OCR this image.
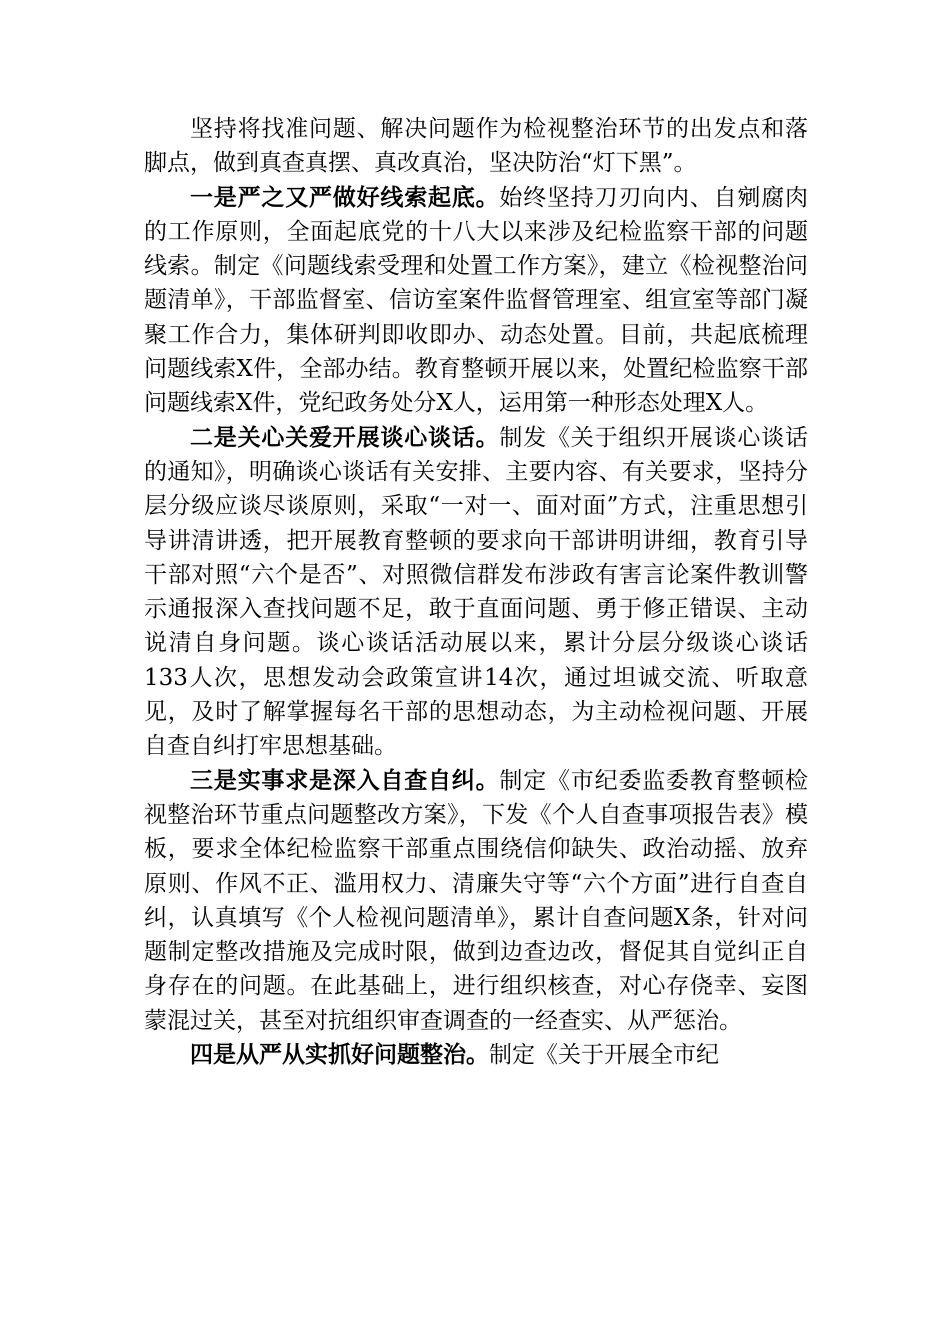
坚持将找准问题、解决问题作为检视整治环节的出发点和落脚点，做到真查真摆、真改真治，坚决防治“灯下黑”。

一是严之又严做好线索起底。始终坚持刀刃向内、自剜腐肉的工作原则，全面起底党的十八大以来涉及纪检监察干部的问题线索。制定《问题线索受理和处置工作方案》，建立《检视整治问题清单》，干部监督室、信访室案件监督管理室、组宣室等部门凝聚工作合力，集体研判即收即办、动态处置。目前，共起底梳理问题线索X件，全部办结。教育整顿开展以来，处置纪检监察干部问题线索X件，党纪政务处分X人，运用第一种形态处理X人。

二是关心关爱开展谈心谈话。制发《关于组织开展谈心谈话的通知》，明确谈心谈话有关安排、主要内容、有关要求，坚持分层分级应谈尽谈原则，采取“一对一、面对面”方式，注重思想引导讲清讲透，把开展教育整顿的要求向干部讲明讲细，教育引导干部对照“六个是否”、对照微信群发布涉政有害言论案件教训警示通报深入查找问题不足，敢于直面问题、勇于修正错误、主动说清自身问题。谈心谈话活动展以来，累计分层分级谈心谈话133人次，思想发动会政策宣讲14次，通过坦诚交流、听取意见，及时了解掌握每名干部的思想动态，为主动检视问题、开展自查自纠打牢思想基础。

三是实事求是深入自查自纠。制定《市纪委监委教育整顿检视整治环节重点问题整改方案》，下发《个人自查事项报告表》模板，要求全体纪检监察干部重点围绕信仰缺失、政治动摇、放弃原则、作风不正、滥用权力、清廉失守等“六个方面”进行自查自纠，认真填写《个人检视问题清单》，累计自查问题X条，针对问题制定整改措施及完成时限，做到边查边改，督促其自觉纠正自身存在的问题。在此基础上，进行组织核查，对心存侥幸、妄图蒙混过关，甚至对抗组织审查调查的一经查实、从严惩治。

四是从严从实抓好问题整治。制定《关于开展全市纪
